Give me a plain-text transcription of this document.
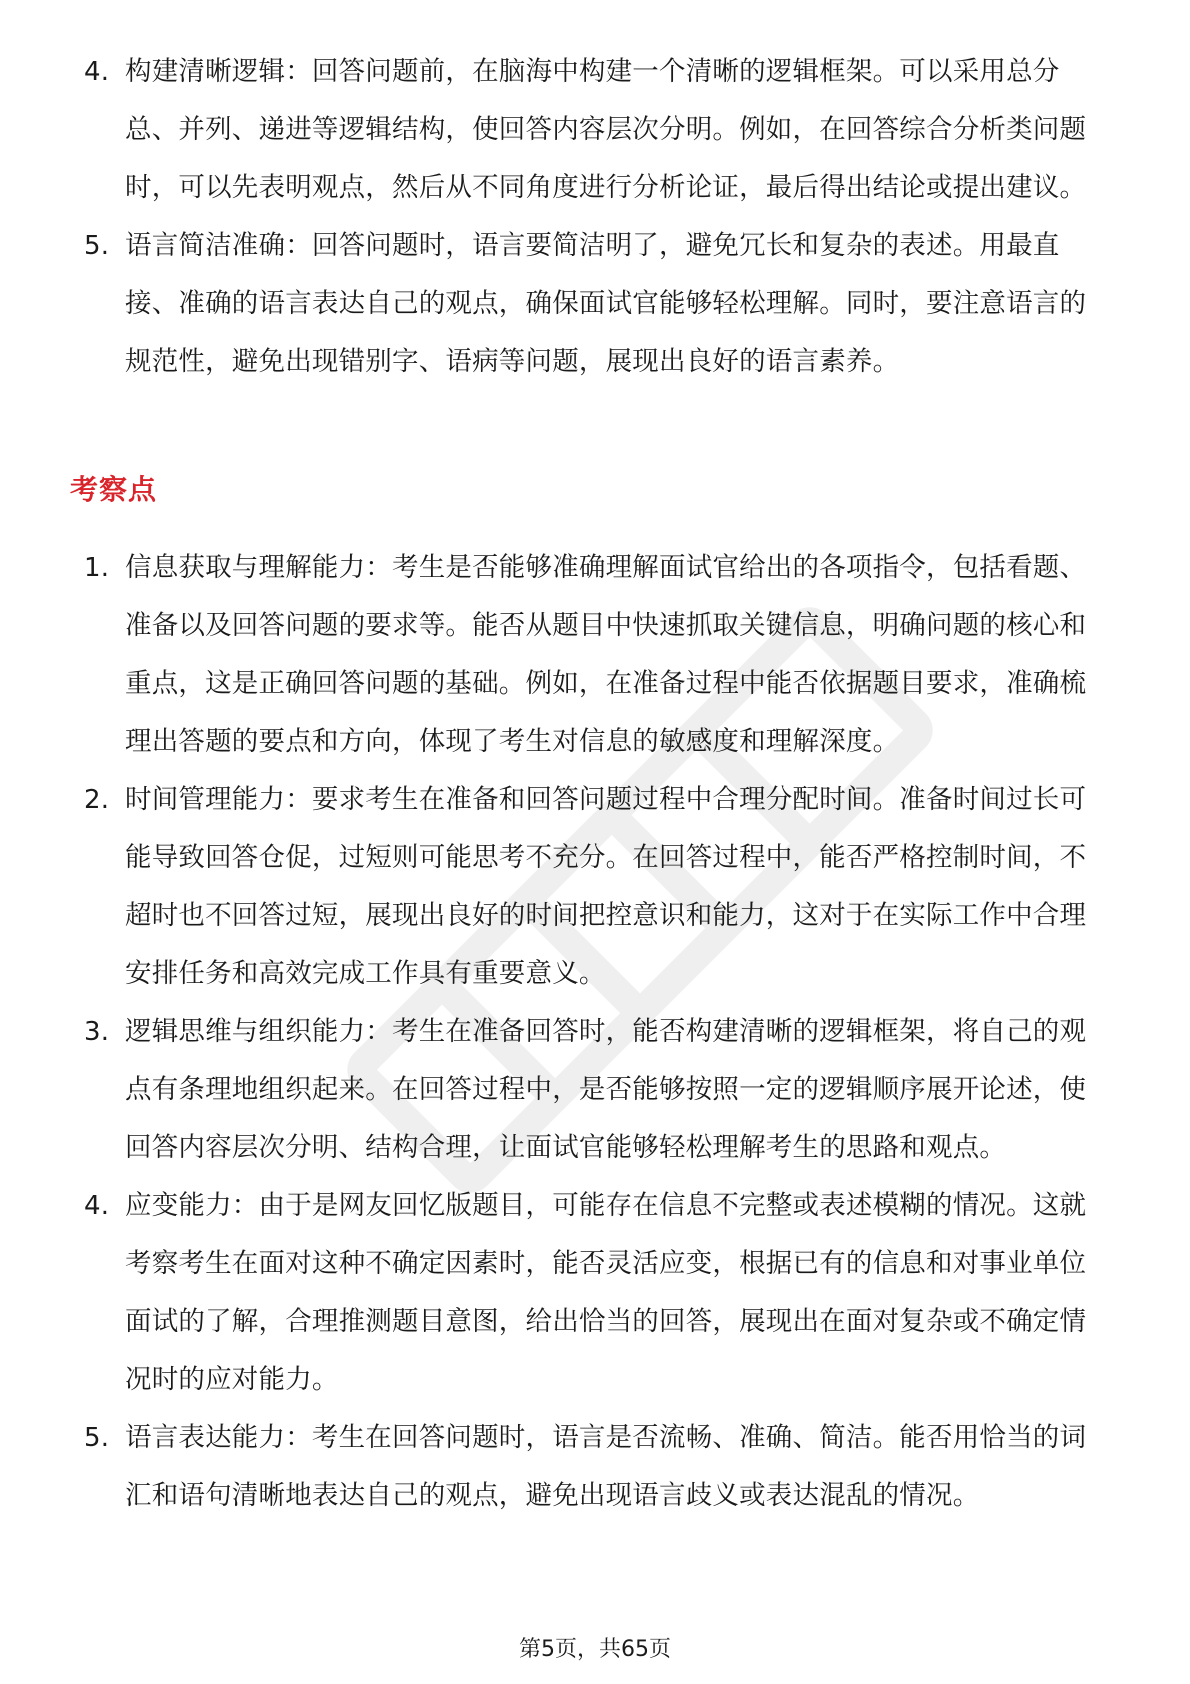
4. 构建清晰逻辑：回答问题前，在脑海中构建一个清晰的逻辑框架。可以采用总分总、并列、递进等逻辑结构，使回答内容层次分明。例如，在回答综合分析类问题时，可以先表明观点，然后从不同角度进行分析论证，最后得出结论或提出建议。
5. 语言简洁准确：回答问题时，语言要简洁明了，避免冗长和复杂的表述。用最直接、准确的语言表达自己的观点，确保面试官能够轻松理解。同时，要注意语言的规范性，避免出现错别字、语病等问题，展现出良好的语言素养。
考察点
1. 信息获取与理解能力：考生是否能够准确理解面试官给出的各项指令，包括看题、准备以及回答问题的要求等。能否从题目中快速抓取关键信息，明确问题的核心和重点，这是正确回答问题的基础。例如，在准备过程中能否依据题目要求，准确梳理出答题的要点和方向，体现了考生对信息的敏感度和理解深度。
2. 时间管理能力：要求考生在准备和回答问题过程中合理分配时间。准备时间过长可能导致回答仓促，过短则可能思考不充分。在回答过程中，能否严格控制时间，不超时也不回答过短，展现出良好的时间把控意识和能力，这对于在实际工作中合理安排任务和高效完成工作具有重要意义。
3. 逻辑思维与组织能力：考生在准备回答时，能否构建清晰的逻辑框架，将自己的观点有条理地组织起来。在回答过程中，是否能够按照一定的逻辑顺序展开论述，使回答内容层次分明、结构合理，让面试官能够轻松理解考生的思路和观点。
4. 应变能力：由于是网友回忆版题目，可能存在信息不完整或表述模糊的情况。这就考察考生在面对这种不确定因素时，能否灵活应变，根据已有的信息和对事业单位面试的了解，合理推测题目意图，给出恰当的回答，展现出在面对复杂或不确定情况时的应对能力。
5. 语言表达能力：考生在回答问题时，语言是否流畅、准确、简洁。能否用恰当的词汇和语句清晰地表达自己的观点，避免出现语言歧义或表达混乱的情况。
第5页，共65页
